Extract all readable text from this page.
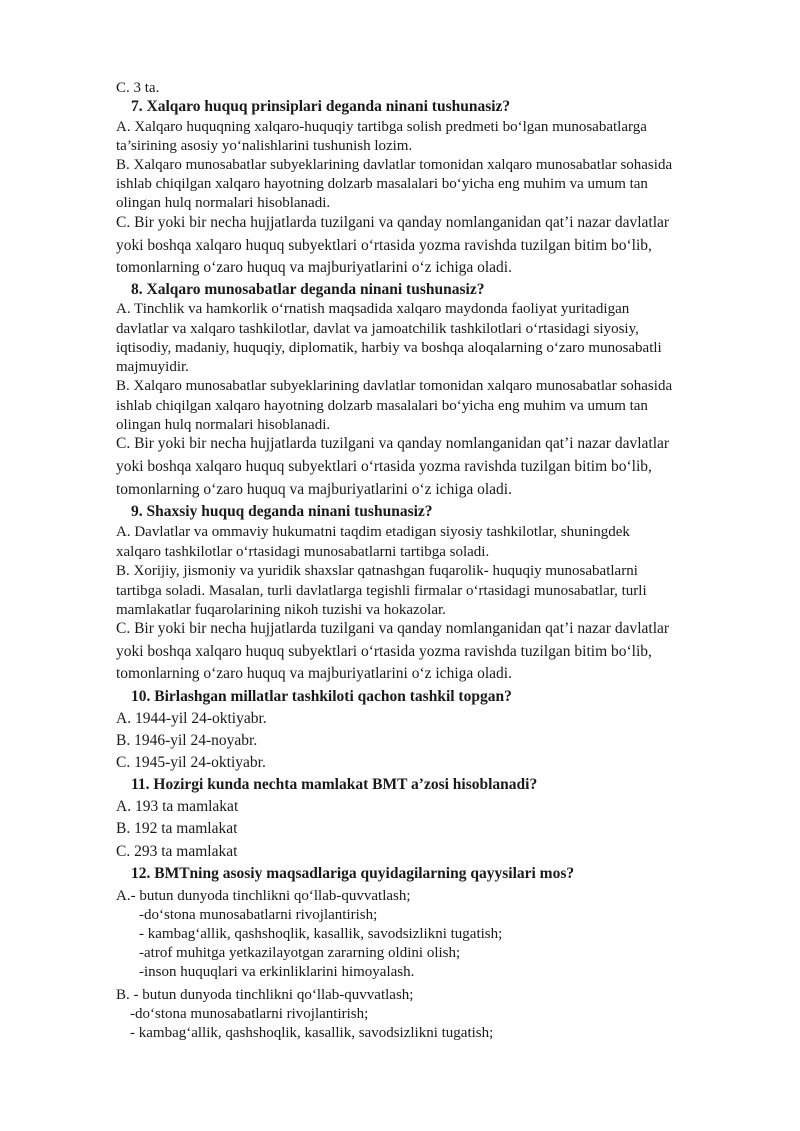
C. 3 ta.
7. Xalqaro huquq prinsiplari deganda ninani tushunasiz?
A. Xalqaro huquqning xalqaro-huquqiy tartibga solish predmeti bo‘lgan munosabatlarga
ta’sirining asosiy yo‘nalishlarini tushunish lozim.
B. Xalqaro munosabatlar subyeklarining davlatlar tomonidan xalqaro munosabatlar sohasida
ishlab chiqilgan xalqaro hayotning dolzarb masalalari bo‘yicha eng muhim va umum tan
olingan hulq normalari hisoblanadi.
C. Bir yoki bir necha hujjatlarda tuzilgani va qanday nomlanganidan qat’i nazar davlatlar
yoki boshqa xalqaro huquq subyektlari o‘rtasida yozma ravishda tuzilgan bitim bo‘lib,
tomonlarning o‘zaro huquq va majburiyatlarini o‘z ichiga oladi.
8. Xalqaro munosabatlar deganda ninani tushunasiz?
A. Tinchlik va hamkorlik o‘rnatish maqsadida xalqaro maydonda faoliyat yuritadigan
davlatlar va xalqaro tashkilotlar, davlat va jamoatchilik tashkilotlari o‘rtasidagi siyosiy,
iqtisodiy, madaniy, huquqiy, diplomatik, harbiy va boshqa aloqalarning o‘zaro munosabatli
majmuyidir.
B. Xalqaro munosabatlar subyeklarining davlatlar tomonidan xalqaro munosabatlar sohasida
ishlab chiqilgan xalqaro hayotning dolzarb masalalari bo‘yicha eng muhim va umum tan
olingan hulq normalari hisoblanadi.
C. Bir yoki bir necha hujjatlarda tuzilgani va qanday nomlanganidan qat’i nazar davlatlar
yoki boshqa xalqaro huquq subyektlari o‘rtasida yozma ravishda tuzilgan bitim bo‘lib,
tomonlarning o‘zaro huquq va majburiyatlarini o‘z ichiga oladi.
9. Shaxsiy huquq deganda ninani tushunasiz?
A. Davlatlar va ommaviy hukumatni taqdim etadigan siyosiy tashkilotlar, shuningdek
xalqaro tashkilotlar o‘rtasidagi munosabatlarni tartibga soladi.
B. Xorijiy, jismoniy va yuridik shaxslar qatnashgan fuqarolik- huquqiy munosabatlarni
tartibga soladi. Masalan, turli davlatlarga tegishli firmalar o‘rtasidagi munosabatlar, turli
mamlakatlar fuqarolarining nikoh tuzishi va hokazolar.
C. Bir yoki bir necha hujjatlarda tuzilgani va qanday nomlanganidan qat’i nazar davlatlar
yoki boshqa xalqaro huquq subyektlari o‘rtasida yozma ravishda tuzilgan bitim bo‘lib,
tomonlarning o‘zaro huquq va majburiyatlarini o‘z ichiga oladi.
10. Birlashgan millatlar tashkiloti qachon tashkil topgan?
A. 1944-yil 24-oktiyabr.
B. 1946-yil 24-noyabr.
C. 1945-yil 24-oktiyabr.
11. Hozirgi kunda nechta mamlakat BMT a’zosi hisoblanadi?
A. 193 ta mamlakat
B. 192 ta mamlakat
C. 293 ta mamlakat
12. BMTning asosiy maqsadlariga quyidagilarning qayysilari mos?
A.- butun dunyoda tinchlikni qo‘llab-quvvatlash;
-do‘stona munosabatlarni rivojlantirish;
- kambag‘allik, qashshoqlik, kasallik, savodsizlikni tugatish;
-atrof muhitga yetkazilayotgan zararning oldini olish;
-inson huquqlari va erkinliklarini himoyalash.
B. - butun dunyoda tinchlikni qo‘llab-quvvatlash;
-do‘stona munosabatlarni rivojlantirish;
- kambag‘allik, qashshoqlik, kasallik, savodsizlikni tugatish;
